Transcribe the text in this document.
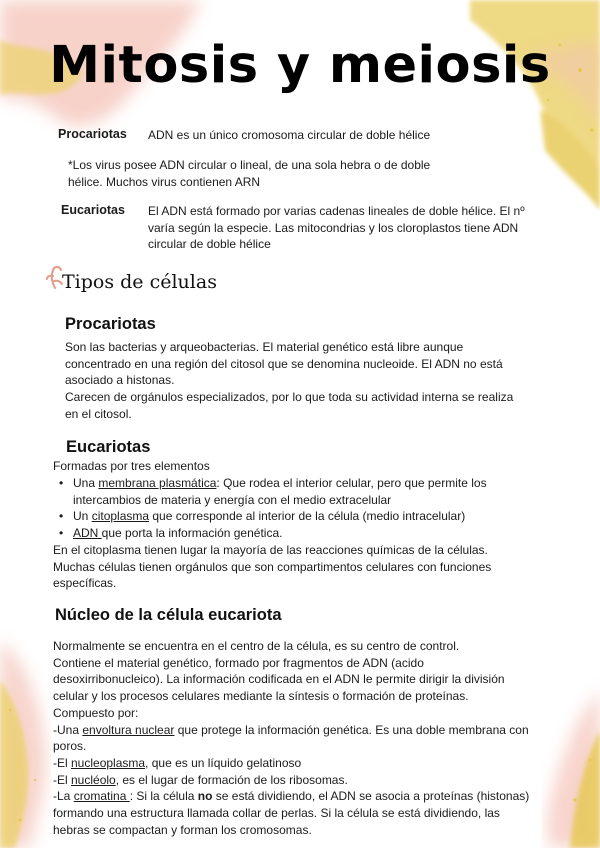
Mitosis y meiosis
Procariotas ADN es un único cromosoma circular de doble hélice
*Los virus posee ADN circular o lineal, de una sola hebra o de doble
hélice. Muchos virus contienen ARN
Eucariotas El ADN está formado por varias cadenas lineales de doble hélice. El nº
varía según la especie. Las mitocondrias y los cloroplastos tiene ADN
circular de doble hélice
Tipos de células
Procariotas
Son las bacterias y arqueobacterias. El material genético está libre aunque
concentrado en una región del citosol que se denomina nucleoide. El ADN no está
asociado a histonas.
Carecen de orgánulos especializados, por lo que toda su actividad interna se realiza
en el citosol.
Eucariotas
Formadas por tres elementos
• Una membrana plasmática: Que rodea el interior celular, pero que permite los
intercambios de materia y energía con el medio extracelular
• Un citoplasma que corresponde al interior de la célula (medio intracelular)
• ADN que porta la información genética.
En el citoplasma tienen lugar la mayoría de las reacciones químicas de la células.
Muchas células tienen orgánulos que son compartimentos celulares con funciones
específicas.
Núcleo de la célula eucariota
Normalmente se encuentra en el centro de la célula, es su centro de control.
Contiene el material genético, formado por fragmentos de ADN (acido
desoxirribonucleico). La información codificada en el ADN le permite dirigir la división
celular y los procesos celulares mediante la síntesis o formación de proteínas.
Compuesto por:
-Una envoltura nuclear que protege la información genética. Es una doble membrana con
poros.
-El nucleoplasma, que es un líquido gelatinoso
-El nucléolo, es el lugar de formación de los ribosomas.
-La cromatina : Si la célula no se está dividiendo, el ADN se asocia a proteínas (histonas)
formando una estructura llamada collar de perlas. Si la célula se está dividiendo, las
hebras se compactan y forman los cromosomas.
